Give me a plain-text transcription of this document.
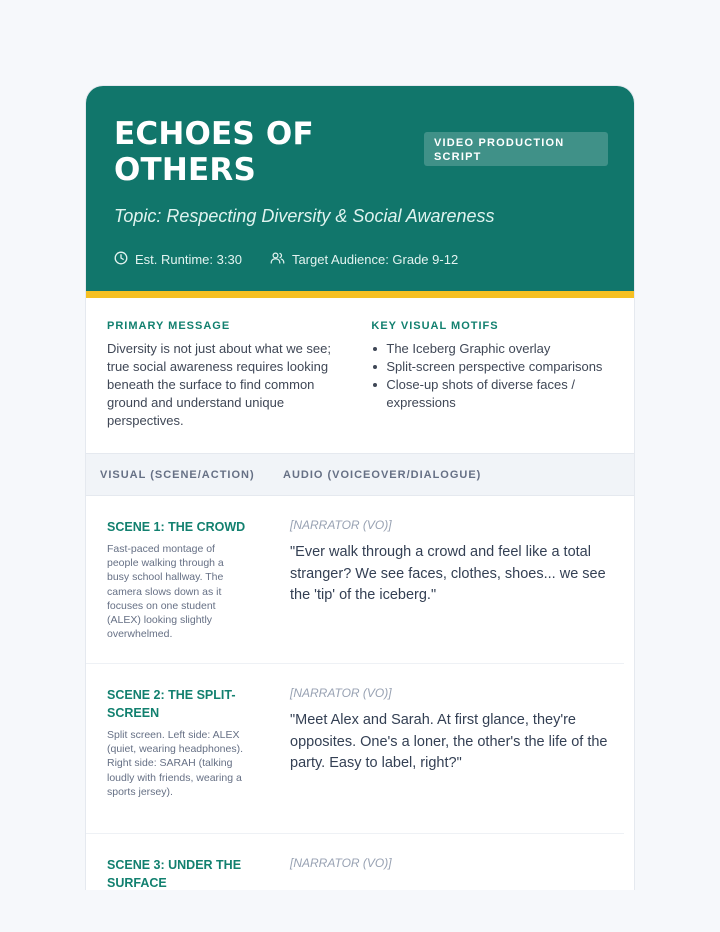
ECHOES OF
OTHERS
VIDEO PRODUCTION SCRIPT
Topic: Respecting Diversity & Social Awareness
Est. Runtime: 3:30	Target Audience: Grade 9-12
PRIMARY MESSAGE
Diversity is not just about what we see; true social awareness requires looking beneath the surface to find common ground and understand unique perspectives.
KEY VISUAL MOTIFS
The Iceberg Graphic overlay
Split-screen perspective comparisons
Close-up shots of diverse faces / expressions
VISUAL (SCENE/ACTION)	AUDIO (VOICEOVER/DIALOGUE)
SCENE 1: THE CROWD
Fast-paced montage of people walking through a busy school hallway. The camera slows down as it focuses on one student (ALEX) looking slightly overwhelmed.
[NARRATOR (VO)]
"Ever walk through a crowd and feel like a total stranger? We see faces, clothes, shoes... we see the 'tip' of the iceberg."
SCENE 2: THE SPLIT-SCREEN
Split screen. Left side: ALEX (quiet, wearing headphones). Right side: SARAH (talking loudly with friends, wearing a sports jersey).
[NARRATOR (VO)]
"Meet Alex and Sarah. At first glance, they're opposites. One's a loner, the other's the life of the party. Easy to label, right?"
SCENE 3: UNDER THE SURFACE
[NARRATOR (VO)]
